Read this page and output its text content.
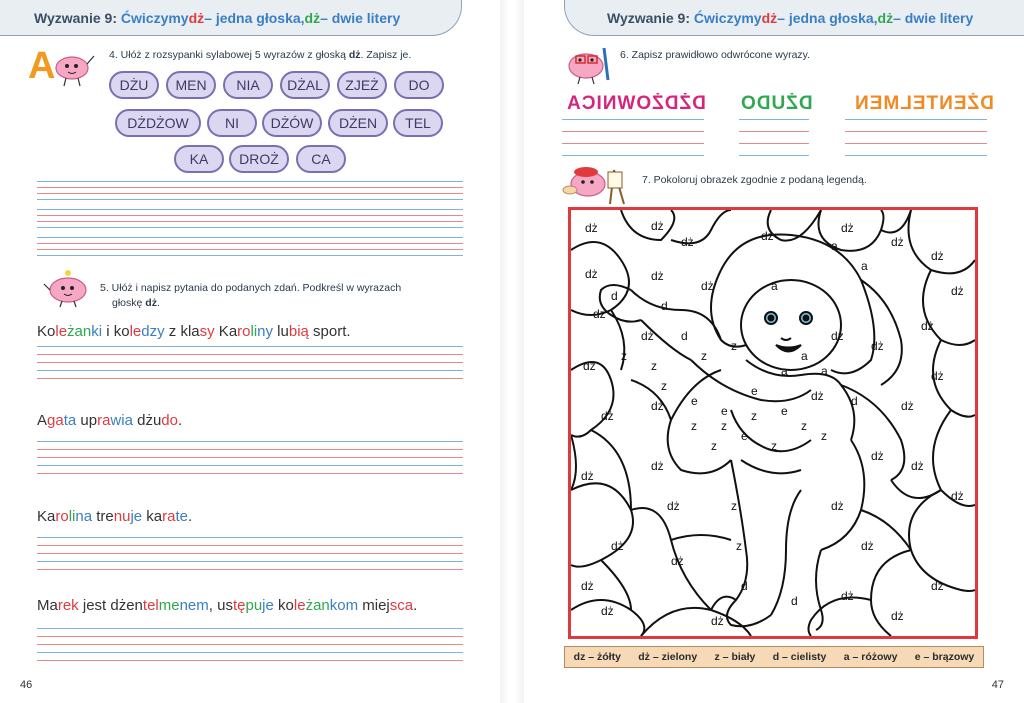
Wyzwanie 9:
Ćwiczymy dż – jedna głoska, dż – dwie litery
A	4. Ułóż z rozsypanki sylabowej 5 wyrazów z głoską dż. Zapisz je.
DŻU	MEN	NIA	DŻAL	ZJEŻ	DO
DŻDŻOW	NI	DŻÓW	DŻEN	TEL
KA	DROŻ	CA
5. Ułóż i napisz pytania do podanych zdań. Podkreśl w wyrazach
głoskę dż.
Koleżanki i koledzy z klasy Karoliny lubią sport.
Agata uprawia dżudo.
Karolina trenuje karate.
Marek jest dżentelmenem, ustępuje koleżankom miejsca.
46
Wyzwanie 9:
Ćwiczymy dż – jedna głoska, dż – dwie litery
6. Zapisz prawidłowo odwrócone wyrazy.
DŻDŻOWNICA DŻUDO DŻENTELMEN
7. Pokoloruj obrazek zgodnie z podaną legendą.
dż	dż
dż	dż
dż
dż
dż	dż
dż
dż
dż
dz
dż
dż
dż
dż
dż
dż
dż
dż
dż
dż
dż
dż
dż
dż
dż
dż
dż
dż
dż
dż
dż
dż
dż
dż
dż
dż
a
a
a
a
a
a
d
d
d
d
d
d
z
z
z
z
z
z z
z
z
z
z
z
z
z
e
e
e
e
e
dz – żółty dż – zielony z – biały d – cielisty a – różowy e – brązowy
47
